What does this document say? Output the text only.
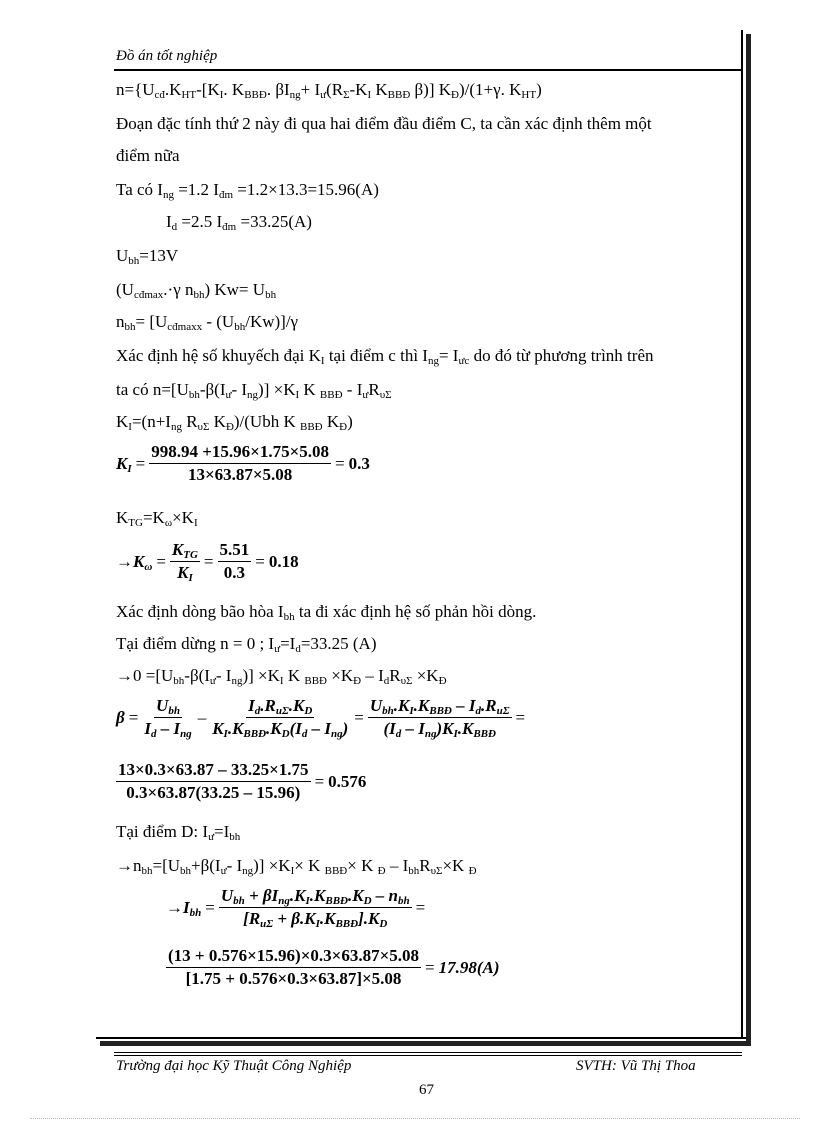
Đồ án tốt nghiệp
$n=\{U_{cđ}.K_{HT}-[K_I$. $K_{BBĐ}$. $\beta I_{ng}+ I_ư(R_\Sigma-K_I$ $K_{BBĐ}$ β)] $K_Đ)/(1+\gamma$. $K_{HT}$)
Đoạn đặc tính thứ 2 này đi qua hai điểm đầu điểm C, ta cần xác định thêm một
điểm nữa
Ta có $I_{ng} =1.2$ $I_{đm} =1.2\times 13.3=15.96(A)$
$I_d =2.5$ $I_{đm} =33.25(A)$
$U_{bh}=13V$
($U_{cđmax}.\cdot\gamma$ $n_{bh}$) $Kw= U_{bh}$
$n_{bh}= [U_{cđmaxx} - (U_{bh}/Kw)]/\gamma$
Xác định hệ số khuyếch đại $K_I$ tại điểm c thì $I_{ng}= I_{ưc}$ do đó từ phương trình trên
ta có $n=[U_{bh}-\beta(I_ư-$ $I_{ng})] \times K_I$ K $_{BBĐ} - I_ưR_{\upsilon\Sigma}$
$K_I=(n+I_{ng}$ $R_{\upsilon\Sigma}$ $K_Đ)/(Ubh$ K $_{BBĐ}$ $K_Đ$)
$K_I = \frac{998.94 +15.96\times 1.75\times 5.08}{13\times 63.87\times 5.08} = 0.3$
$K_{TG}=K_\omega\times K_I$
$\to K_\omega = \frac{K_{TG}}{K_I} = \frac{5.51}{0.3} = 0.18$
Xác định dòng bão hòa $I_{bh}$ ta đi xác định hệ số phản hồi dòng.
Tại điểm dừng n = 0 ; $I_ư=I_d=33.25$ (A)
$\to 0 =[U_{bh}-\beta(I_ư-$ $I_{ng})] \times K_I$ K $_{BBĐ} \times K_Đ - I_dR_{\upsilon\Sigma} \times K_Đ$
$\beta = \frac{U_{bh}}{I_d - I_{ng}} - \frac{I_d.R_{u\Sigma}.K_D}{K_I.K_{BBĐ}.K_D(I_d - I_{ng})} = \frac{U_{bh}.K_I.K_{BBĐ} - I_d.R_{u\Sigma}}{(I_d - I_{ng})K_I.K_{BBĐ}}$ =
$\frac{13\times 0.3\times 63.87 - 33.25\times 1.75}{0.3\times 63.87(33.25 - 15.96)} = 0.576$
Tại điểm D: $I_ư=I_{bh}$
$\to n_{bh}=[U_{bh}+\beta(I_ư-$ $I_{ng})] \times K_I\times K$ $_{BBĐ}$× K $_Đ - I_{bh}R_{\upsilon\Sigma}\times K$ $_Đ$
$\to I_{bh} = \frac{U_{bh} + \beta I_{ng}.K_I.K_{BBĐ}.K_D - n_{bh}}{[R_{u\Sigma} + \beta.K_I.K_{BBĐ}].K_D}$ =
$\frac{(13 + 0.576\times 15.96)\times 0.3\times 63.87\times 5.08}{[1.75 + 0.576\times 0.3\times 63.87]\times 5.08} = 17.98(A)$
Trường đại học Kỹ Thuật Công Nghiệp	SVTH: Vũ Thị Thoa
67
